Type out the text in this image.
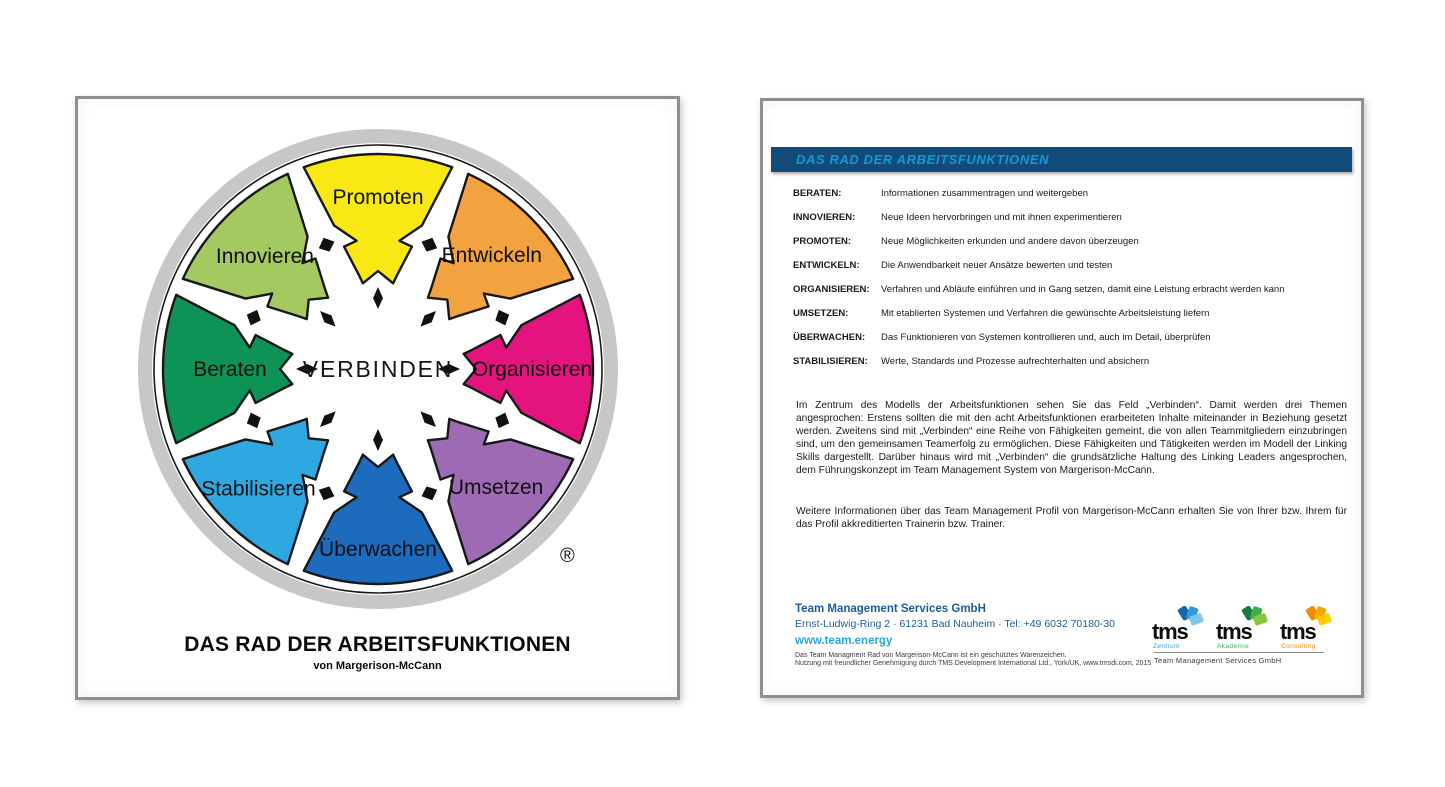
Promoten
Entwickeln
Organisieren
Umsetzen
Überwachen
Stabilisieren
Beraten
Innovieren
VERBINDEN
®
DAS RAD DER ARBEITSFUNKTIONEN
von Margerison-McCann
DAS RAD DER ARBEITSFUNKTIONEN
BERATEN:	Informationen zusammentragen und weitergeben
INNOVIEREN:	Neue Ideen hervorbringen und mit ihnen experimentieren
PROMOTEN:	Neue Möglichkeiten erkunden und andere davon überzeugen
ENTWICKELN:	Die Anwendbarkeit neuer Ansätze bewerten und testen
ORGANISIEREN:	Verfahren und Abläufe einführen und in Gang setzen, damit eine Leistung erbracht werden kann
UMSETZEN:	Mit etablierten Systemen und Verfahren die gewünschte Arbeitsleistung liefern
ÜBERWACHEN:	Das Funktionieren von Systemen kontrollieren und, auch im Detail, überprüfen
STABILISIEREN:	Werte, Standards und Prozesse aufrechterhalten und absichern

Im Zentrum des Modells der Arbeitsfunktionen sehen Sie das Feld „Verbinden“. Damit werden drei Themen angesprochen: Erstens sollten die mit den acht Arbeitsfunktionen erarbeiteten Inhalte miteinander in Beziehung gesetzt werden. Zweitens sind mit „Verbinden“ eine Reihe von Fähigkeiten gemeint, die von allen Teammitgliedern einzubringen sind, um den gemeinsamen Teamerfolg zu ermöglichen. Diese Fähigkeiten und Tätigkeiten werden im Modell der Linking Skills dargestellt. Darüber hinaus wird mit „Verbinden“ die grundsätzliche Haltung des Linking Leaders angesprochen, dem Führungskonzept im Team Management System von Margerison-McCann.

Weitere Informationen über das Team Management Profil von Margerison-McCann erhalten Sie von Ihrer bzw. Ihrem für das Profil akkreditierten Trainerin bzw. Trainer.

Team Management Services GmbH
Ernst-Ludwig-Ring 2 · 61231 Bad Nauheim · Tel: +49 6032 70180-30
www.team.energy
Das Team Managment Rad von Margerison-McCann ist ein geschütztes Warenzeichen.
Nutzung mit freundlicher Genehmigung durch TMS Development International Ltd., York/UK, www.tmsdi.com, 2015
tms
Zentrum
tms
Akademie
tms
Consulting
Team Management Services GmbH
